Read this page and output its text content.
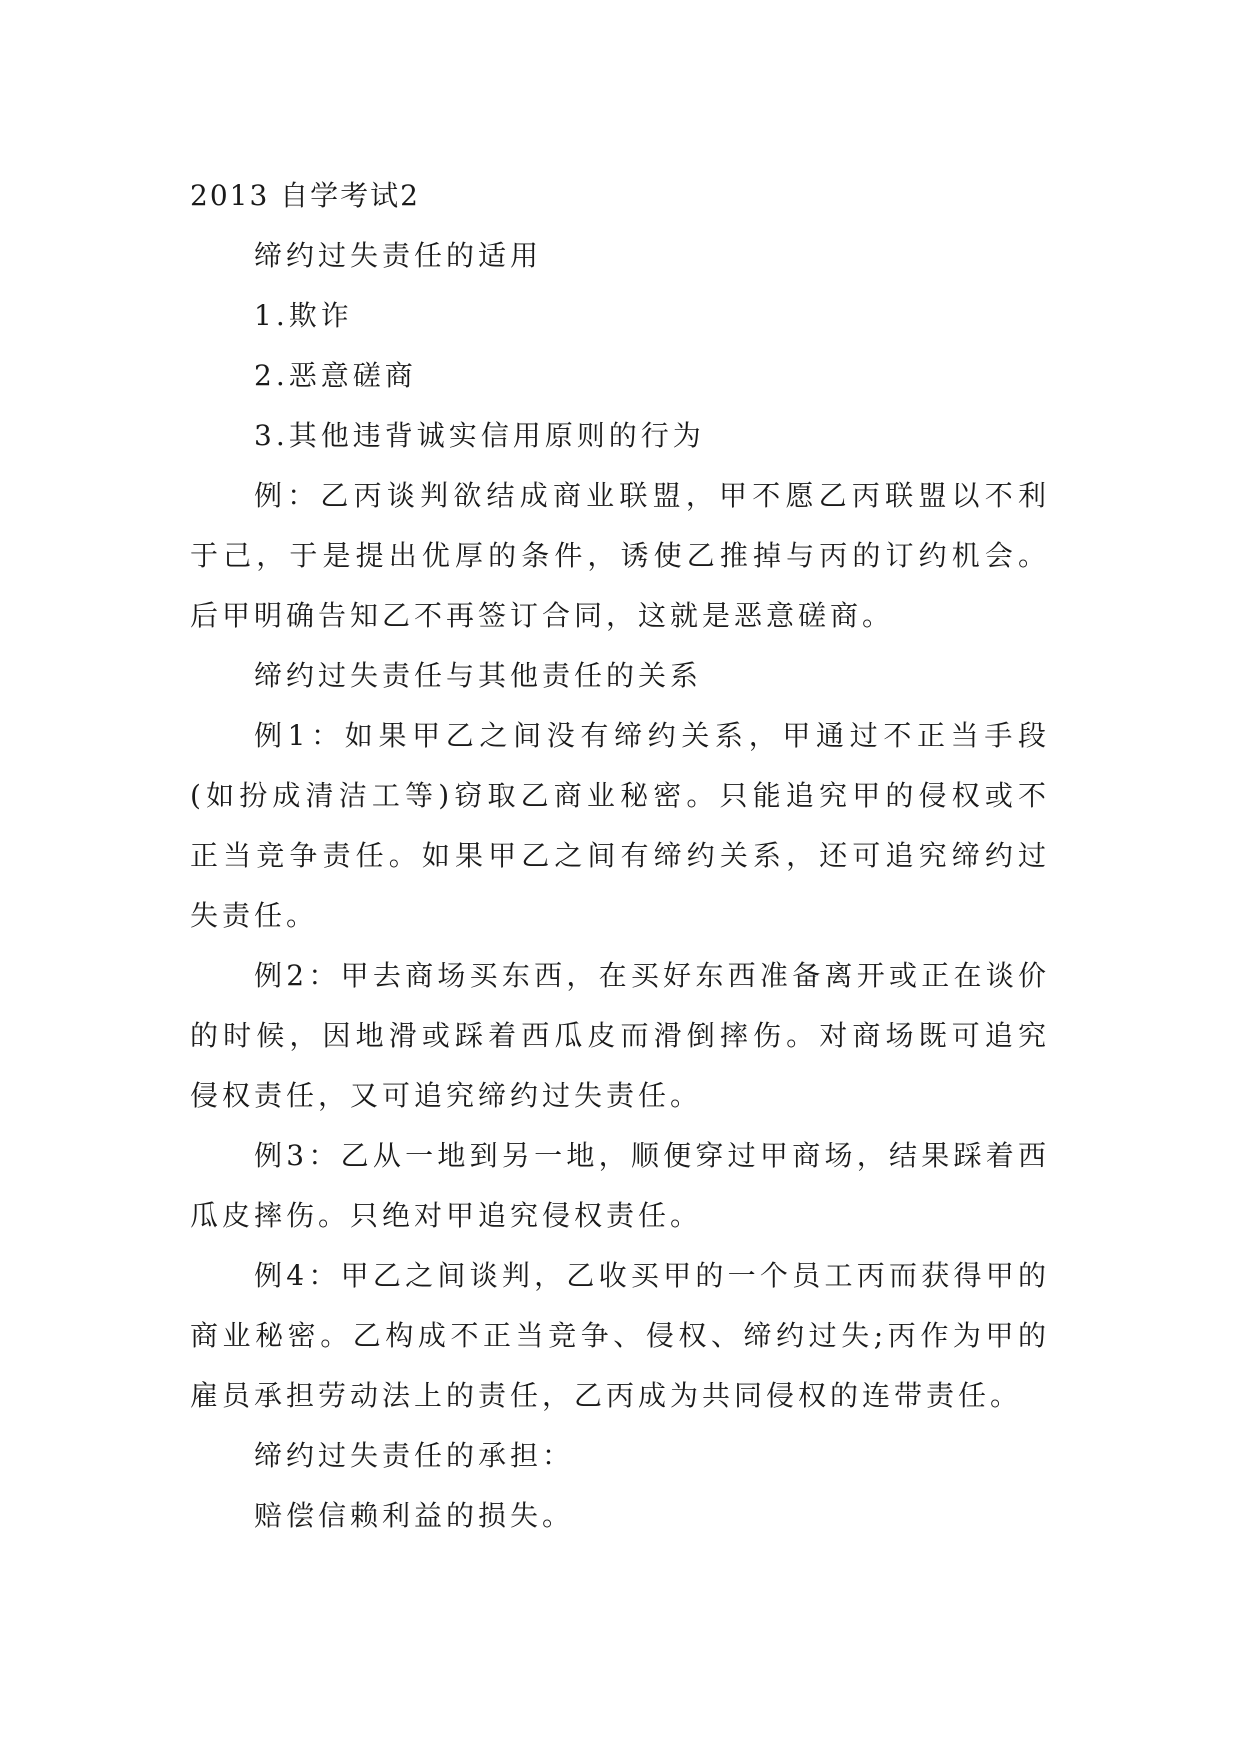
2013 自学考试2

缔约过失责任的适用

1.欺诈

2.恶意磋商

3.其他违背诚实信用原则的行为

例：乙丙谈判欲结成商业联盟，甲不愿乙丙联盟以不利于己，于是提出优厚的条件，诱使乙推掉与丙的订约机会。后甲明确告知乙不再签订合同，这就是恶意磋商。

缔约过失责任与其他责任的关系

例1：如果甲乙之间没有缔约关系，甲通过不正当手段(如扮成清洁工等)窃取乙商业秘密。只能追究甲的侵权或不正当竞争责任。如果甲乙之间有缔约关系，还可追究缔约过失责任。

例2：甲去商场买东西，在买好东西准备离开或正在谈价的时候，因地滑或踩着西瓜皮而滑倒摔伤。对商场既可追究侵权责任，又可追究缔约过失责任。

例3：乙从一地到另一地，顺便穿过甲商场，结果踩着西瓜皮摔伤。只绝对甲追究侵权责任。

例4：甲乙之间谈判，乙收买甲的一个员工丙而获得甲的商业秘密。乙构成不正当竞争、侵权、缔约过失;丙作为甲的雇员承担劳动法上的责任，乙丙成为共同侵权的连带责任。

缔约过失责任的承担：

赔偿信赖利益的损失。
